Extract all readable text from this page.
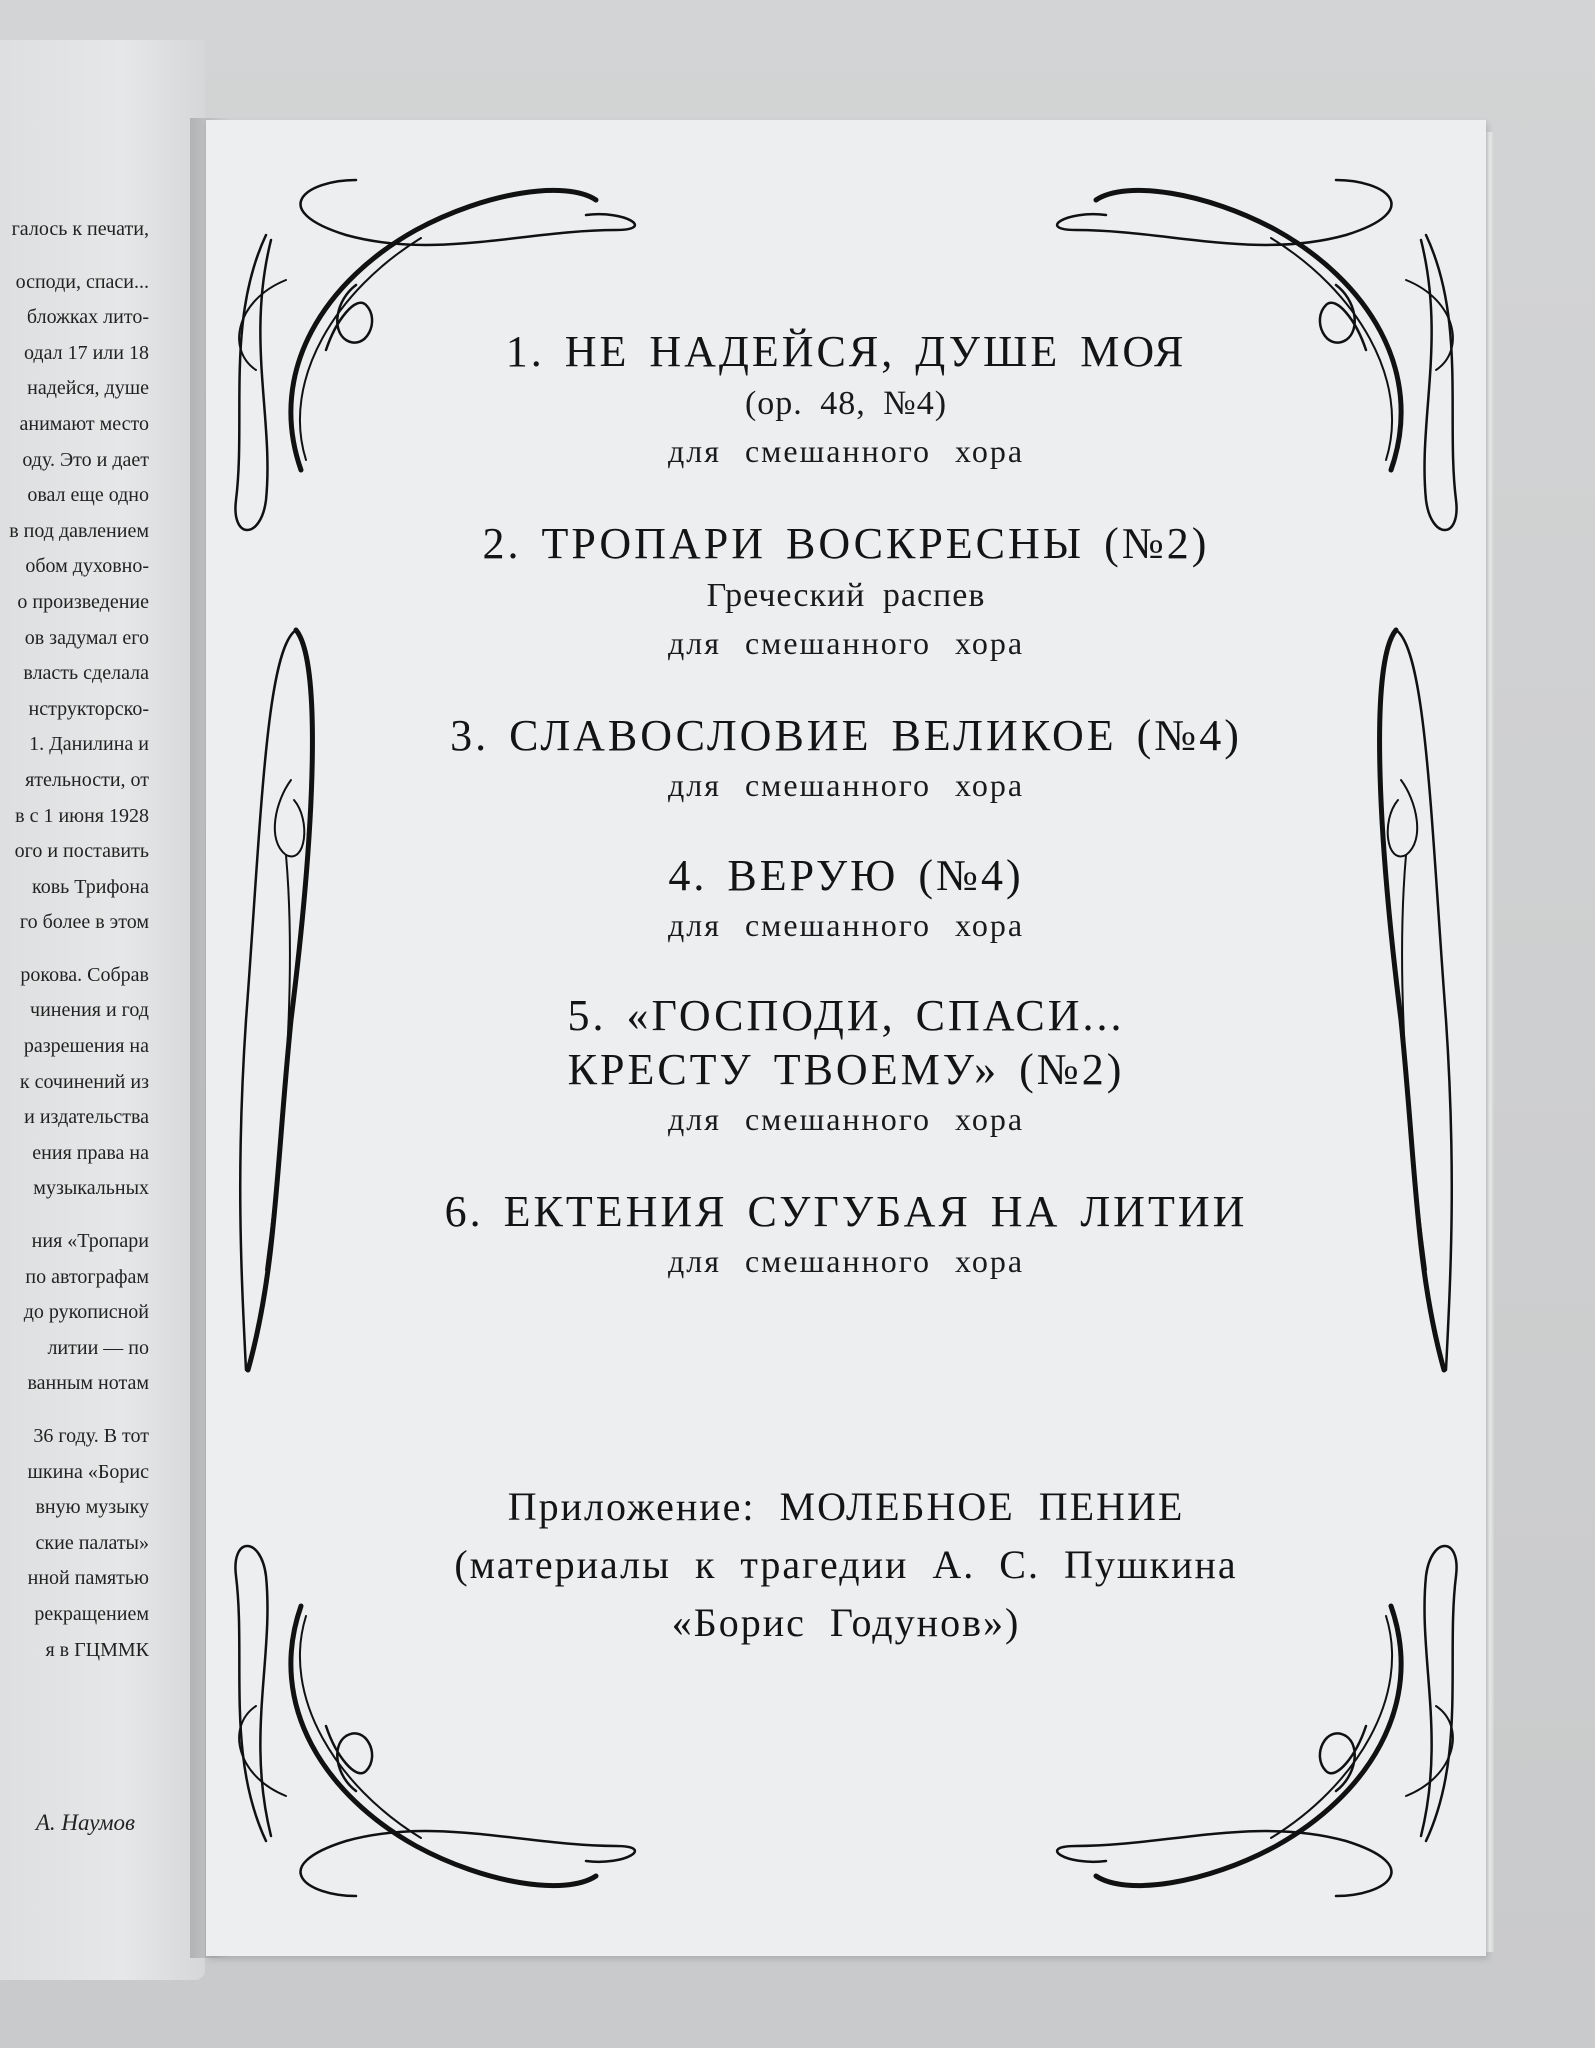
галось к печати,
осподи, спаси...
бложках лито-
одал 17 или 18
надейся, душе
анимают место
оду. Это и дает
овал еще одно
в под давлением
обом духовно-
о произведение
ов задумал его
власть сделала
нструкторско-
1. Данилина и
ятельности, от
в с 1 июня 1928
ого и поставить
ковь Трифона
го более в этом
рокова. Собрав
чинения и год
разрешения на
к сочинений из
и издательства
ения права на
музыкальных
ния «Тропари
по автографам
до рукописной
литии — по
ванным нотам
36 году. В тот
шкина «Борис
вную музыку
ские палаты»
нной памятью
рекращением
я в ГЦММК
А. Наумов
1. НЕ НАДЕЙСЯ, ДУШЕ МОЯ
(ор. 48, №4)
для смешанного хора
2. ТРОПАРИ ВОСКРЕСНЫ (№2)
Греческий распев
для смешанного хора
3. СЛАВОСЛОВИЕ ВЕЛИКОЕ (№4)
для смешанного хора
4. ВЕРУЮ (№4)
для смешанного хора
5. «ГОСПОДИ, СПАСИ...
КРЕСТУ ТВОЕМУ» (№2)
для смешанного хора
6. ЕКТЕНИЯ СУГУБАЯ НА ЛИТИИ
для смешанного хора
Приложение: МОЛЕБНОЕ ПЕНИЕ
(материалы к трагедии А. С. Пушкина
«Борис Годунов»)
